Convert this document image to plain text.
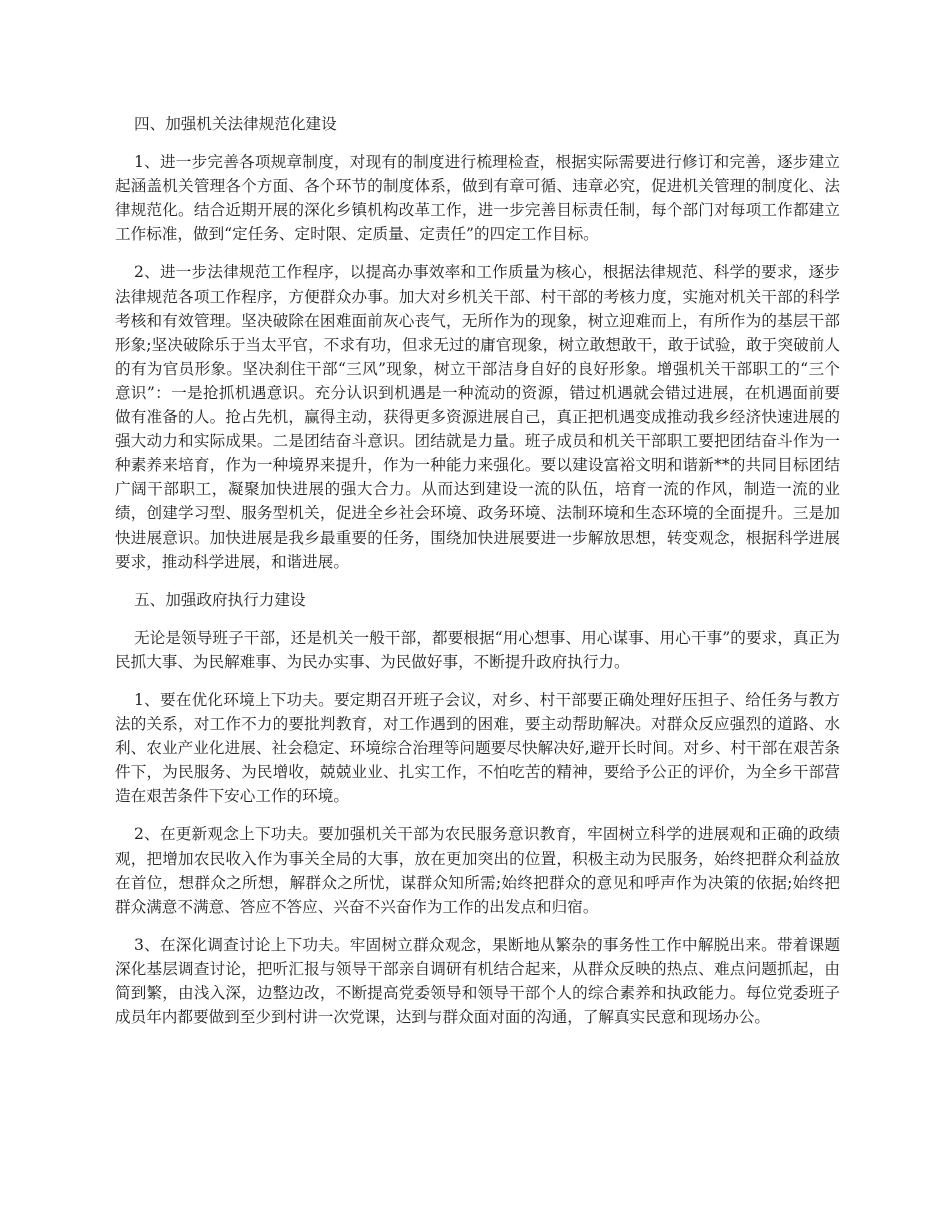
四、加强机关法律规范化建设

1、进一步完善各项规章制度，对现有的制度进行梳理检查，根据实际需要进行修订和完善，逐步建立起涵盖机关管理各个方面、各个环节的制度体系，做到有章可循、违章必究，促进机关管理的制度化、法律规范化。结合近期开展的深化乡镇机构改革工作，进一步完善目标责任制，每个部门对每项工作都建立工作标准，做到“定任务、定时限、定质量、定责任”的四定工作目标。

2、进一步法律规范工作程序，以提高办事效率和工作质量为核心，根据法律规范、科学的要求，逐步法律规范各项工作程序，方便群众办事。加大对乡机关干部、村干部的考核力度，实施对机关干部的科学考核和有效管理。坚决破除在困难面前灰心丧气，无所作为的现象，树立迎难而上，有所作为的基层干部形象;坚决破除乐于当太平官，不求有功，但求无过的庸官现象，树立敢想敢干，敢于试验，敢于突破前人的有为官员形象。坚决刹住干部“三风”现象，树立干部洁身自好的良好形象。增强机关干部职工的“三个意识”：一是抢抓机遇意识。充分认识到机遇是一种流动的资源，错过机遇就会错过进展，在机遇面前要做有准备的人。抢占先机，赢得主动，获得更多资源进展自己，真正把机遇变成推动我乡经济快速进展的强大动力和实际成果。二是团结奋斗意识。团结就是力量。班子成员和机关干部职工要把团结奋斗作为一种素养来培育，作为一种境界来提升，作为一种能力来强化。要以建设富裕文明和谐新**的共同目标团结广阔干部职工，凝聚加快进展的强大合力。从而达到建设一流的队伍，培育一流的作风，制造一流的业绩，创建学习型、服务型机关，促进全乡社会环境、政务环境、法制环境和生态环境的全面提升。三是加快进展意识。加快进展是我乡最重要的任务，围绕加快进展要进一步解放思想，转变观念，根据科学进展要求，推动科学进展，和谐进展。

五、加强政府执行力建设

无论是领导班子干部，还是机关一般干部，都要根据“用心想事、用心谋事、用心干事”的要求，真正为民抓大事、为民解难事、为民办实事、为民做好事，不断提升政府执行力。

1、要在优化环境上下功夫。要定期召开班子会议，对乡、村干部要正确处理好压担子、给任务与教方法的关系，对工作不力的要批判教育，对工作遇到的困难，要主动帮助解决。对群众反应强烈的道路、水利、农业产业化进展、社会稳定、环境综合治理等问题要尽快解决好,避开长时间。对乡、村干部在艰苦条件下，为民服务、为民增收，兢兢业业、扎实工作，不怕吃苦的精神，要给予公正的评价，为全乡干部营造在艰苦条件下安心工作的环境。

2、在更新观念上下功夫。要加强机关干部为农民服务意识教育，牢固树立科学的进展观和正确的政绩观，把增加农民收入作为事关全局的大事，放在更加突出的位置，积极主动为民服务，始终把群众利益放在首位，想群众之所想，解群众之所忧，谋群众知所需;始终把群众的意见和呼声作为决策的依据;始终把群众满意不满意、答应不答应、兴奋不兴奋作为工作的出发点和归宿。

3、在深化调查讨论上下功夫。牢固树立群众观念，果断地从繁杂的事务性工作中解脱出来。带着课题深化基层调查讨论，把听汇报与领导干部亲自调研有机结合起来，从群众反映的热点、难点问题抓起，由简到繁，由浅入深，边整边改，不断提高党委领导和领导干部个人的综合素养和执政能力。每位党委班子成员年内都要做到至少到村讲一次党课，达到与群众面对面的沟通，了解真实民意和现场办公。
